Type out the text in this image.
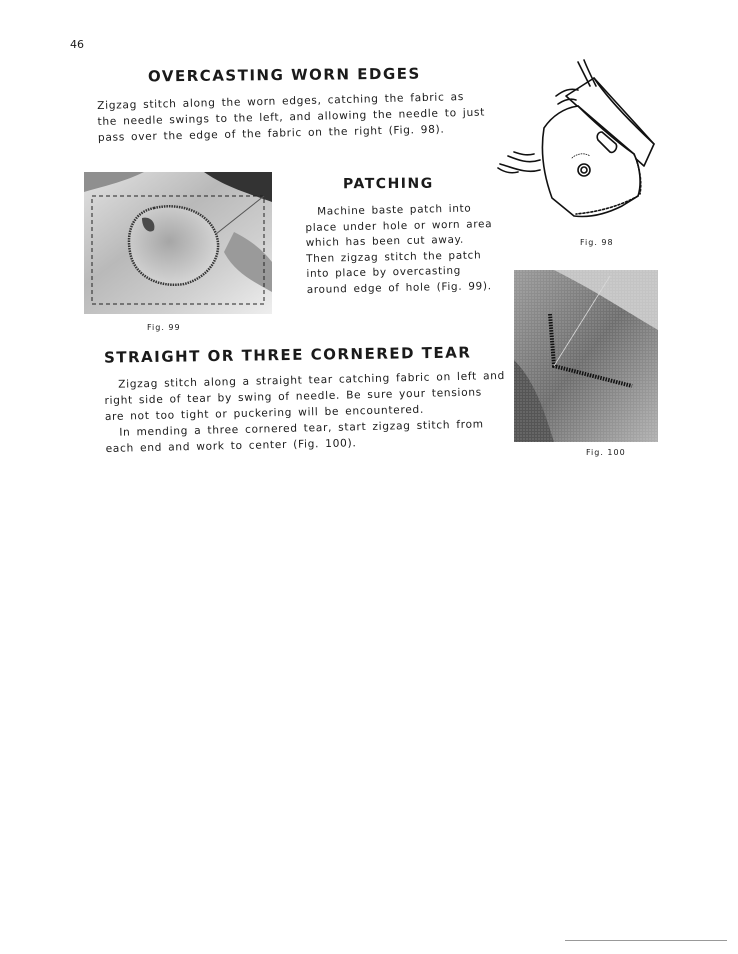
46
OVERCASTING WORN EDGES
Zigzag stitch along the worn edges, catching the fabric as
the needle swings to the left, and allowing the needle to just
pass over the edge of the fabric on the right (Fig. 98).
Fig. 98
Fig. 99
PATCHING
Machine baste patch into
place under hole or worn area
which has been cut away.
Then zigzag stitch the patch
into place by overcasting
around edge of hole (Fig. 99).
Fig. 100
STRAIGHT OR THREE CORNERED TEAR
Zigzag stitch along a straight tear catching fabric on left and
right side of tear by swing of needle. Be sure your tensions
are not too tight or puckering will be encountered.
In mending a three cornered tear, start zigzag stitch from
each end and work to center (Fig. 100).
